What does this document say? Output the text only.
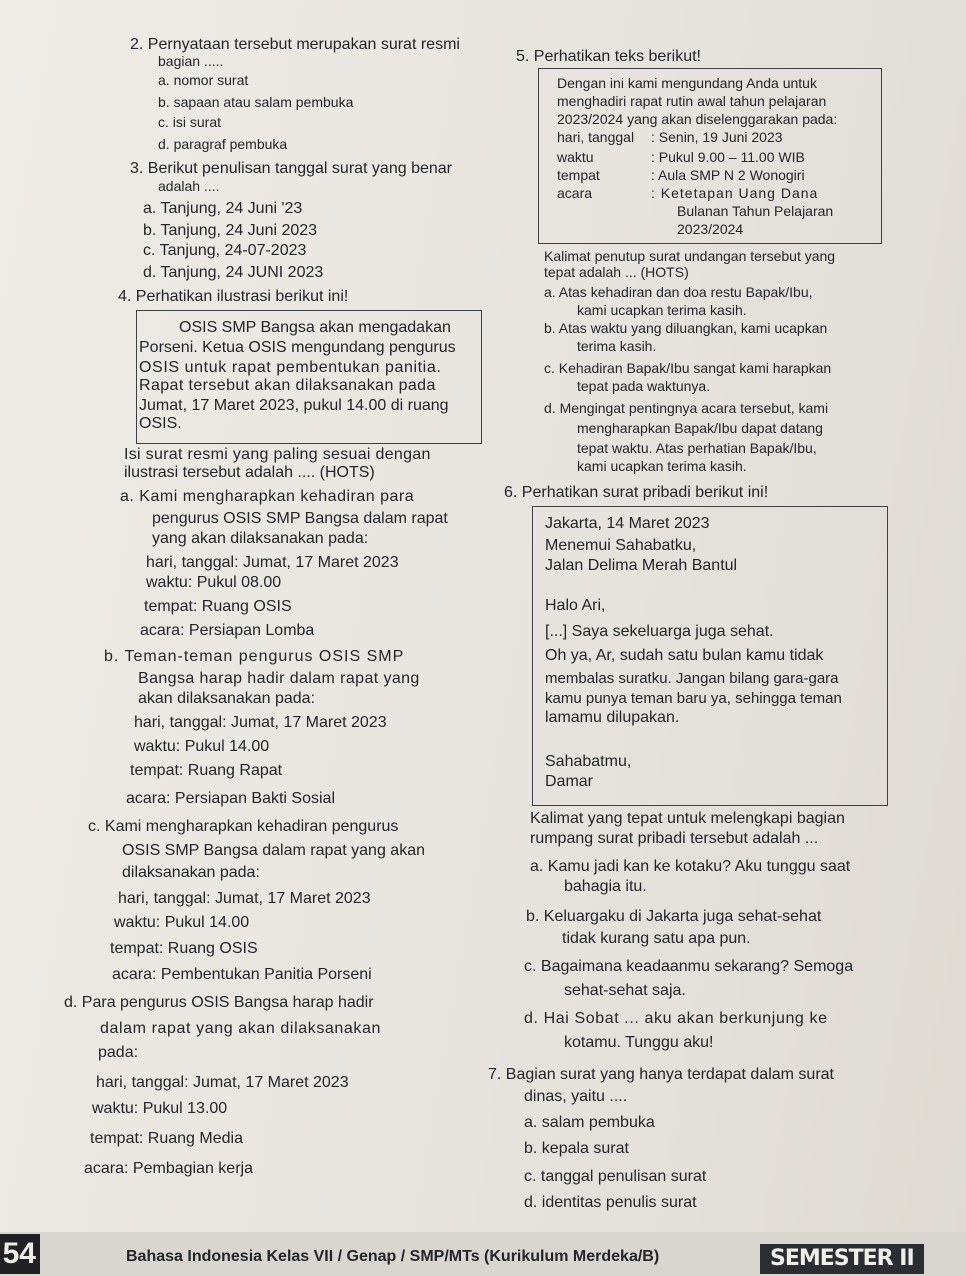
2. Pernyataan tersebut merupakan surat resmi
bagian .....
a. nomor surat
b. sapaan atau salam pembuka
c. isi surat
d. paragraf pembuka
3. Berikut penulisan tanggal surat yang benar
adalah ....
a. Tanjung, 24 Juni '23
b. Tanjung, 24 Juni 2023
c. Tanjung, 24-07-2023
d. Tanjung, 24 JUNI 2023
4. Perhatikan ilustrasi berikut ini!
OSIS SMP Bangsa akan mengadakan
Porseni. Ketua OSIS mengundang pengurus
OSIS untuk rapat pembentukan panitia.
Rapat tersebut akan dilaksanakan pada
Jumat, 17 Maret 2023, pukul 14.00 di ruang
OSIS.
Isi surat resmi yang paling sesuai dengan
ilustrasi tersebut adalah .... (HOTS)
a. Kami mengharapkan kehadiran para
pengurus OSIS SMP Bangsa dalam rapat
yang akan dilaksanakan pada:
hari, tanggal: Jumat, 17 Maret 2023
waktu: Pukul 08.00
tempat: Ruang OSIS
acara: Persiapan Lomba
b. Teman-teman pengurus OSIS SMP
Bangsa harap hadir dalam rapat yang
akan dilaksanakan pada:
hari, tanggal: Jumat, 17 Maret 2023
waktu: Pukul 14.00
tempat: Ruang Rapat
acara: Persiapan Bakti Sosial
c. Kami mengharapkan kehadiran pengurus
OSIS SMP Bangsa dalam rapat yang akan
dilaksanakan pada:
hari, tanggal: Jumat, 17 Maret 2023
waktu: Pukul 14.00
tempat: Ruang OSIS
acara: Pembentukan Panitia Porseni
d. Para pengurus OSIS Bangsa harap hadir
dalam rapat yang akan dilaksanakan
pada:
hari, tanggal: Jumat, 17 Maret 2023
waktu: Pukul 13.00
tempat: Ruang Media
acara: Pembagian kerja
5. Perhatikan teks berikut!
Dengan ini kami mengundang Anda untuk
menghadiri rapat rutin awal tahun pelajaran
2023/2024 yang akan diselenggarakan pada:
hari, tanggal : Senin, 19 Juni 2023
waktu	: Pukul 9.00 – 11.00 WIB
tempat	: Aula SMP N 2 Wonogiri
acara	: Ketetapan Uang Dana
Bulanan Tahun Pelajaran
2023/2024
Kalimat penutup surat undangan tersebut yang
tepat adalah ... (HOTS)
a. Atas kehadiran dan doa restu Bapak/Ibu,
kami ucapkan terima kasih.
b. Atas waktu yang diluangkan, kami ucapkan
terima kasih.
c. Kehadiran Bapak/Ibu sangat kami harapkan
tepat pada waktunya.
d. Mengingat pentingnya acara tersebut, kami
mengharapkan Bapak/Ibu dapat datang
tepat waktu. Atas perhatian Bapak/Ibu,
kami ucapkan terima kasih.
6. Perhatikan surat pribadi berikut ini!
Jakarta, 14 Maret 2023
Menemui Sahabatku,
Jalan Delima Merah Bantul
Halo Ari,
[...] Saya sekeluarga juga sehat.
Oh ya, Ar, sudah satu bulan kamu tidak
membalas suratku. Jangan bilang gara-gara
kamu punya teman baru ya, sehingga teman
lamamu dilupakan.
Sahabatmu,
Damar
Kalimat yang tepat untuk melengkapi bagian
rumpang surat pribadi tersebut adalah ...
a. Kamu jadi kan ke kotaku? Aku tunggu saat
bahagia itu.
b. Keluargaku di Jakarta juga sehat-sehat
tidak kurang satu apa pun.
c. Bagaimana keadaanmu sekarang? Semoga
sehat-sehat saja.
d. Hai Sobat ... aku akan berkunjung ke
kotamu. Tunggu aku!
7. Bagian surat yang hanya terdapat dalam surat
dinas, yaitu ....
a. salam pembuka
b. kepala surat
c. tanggal penulisan surat
d. identitas penulis surat
54	Bahasa Indonesia Kelas VII / Genap / SMP/MTs (Kurikulum Merdeka/B)	SEMESTER II
